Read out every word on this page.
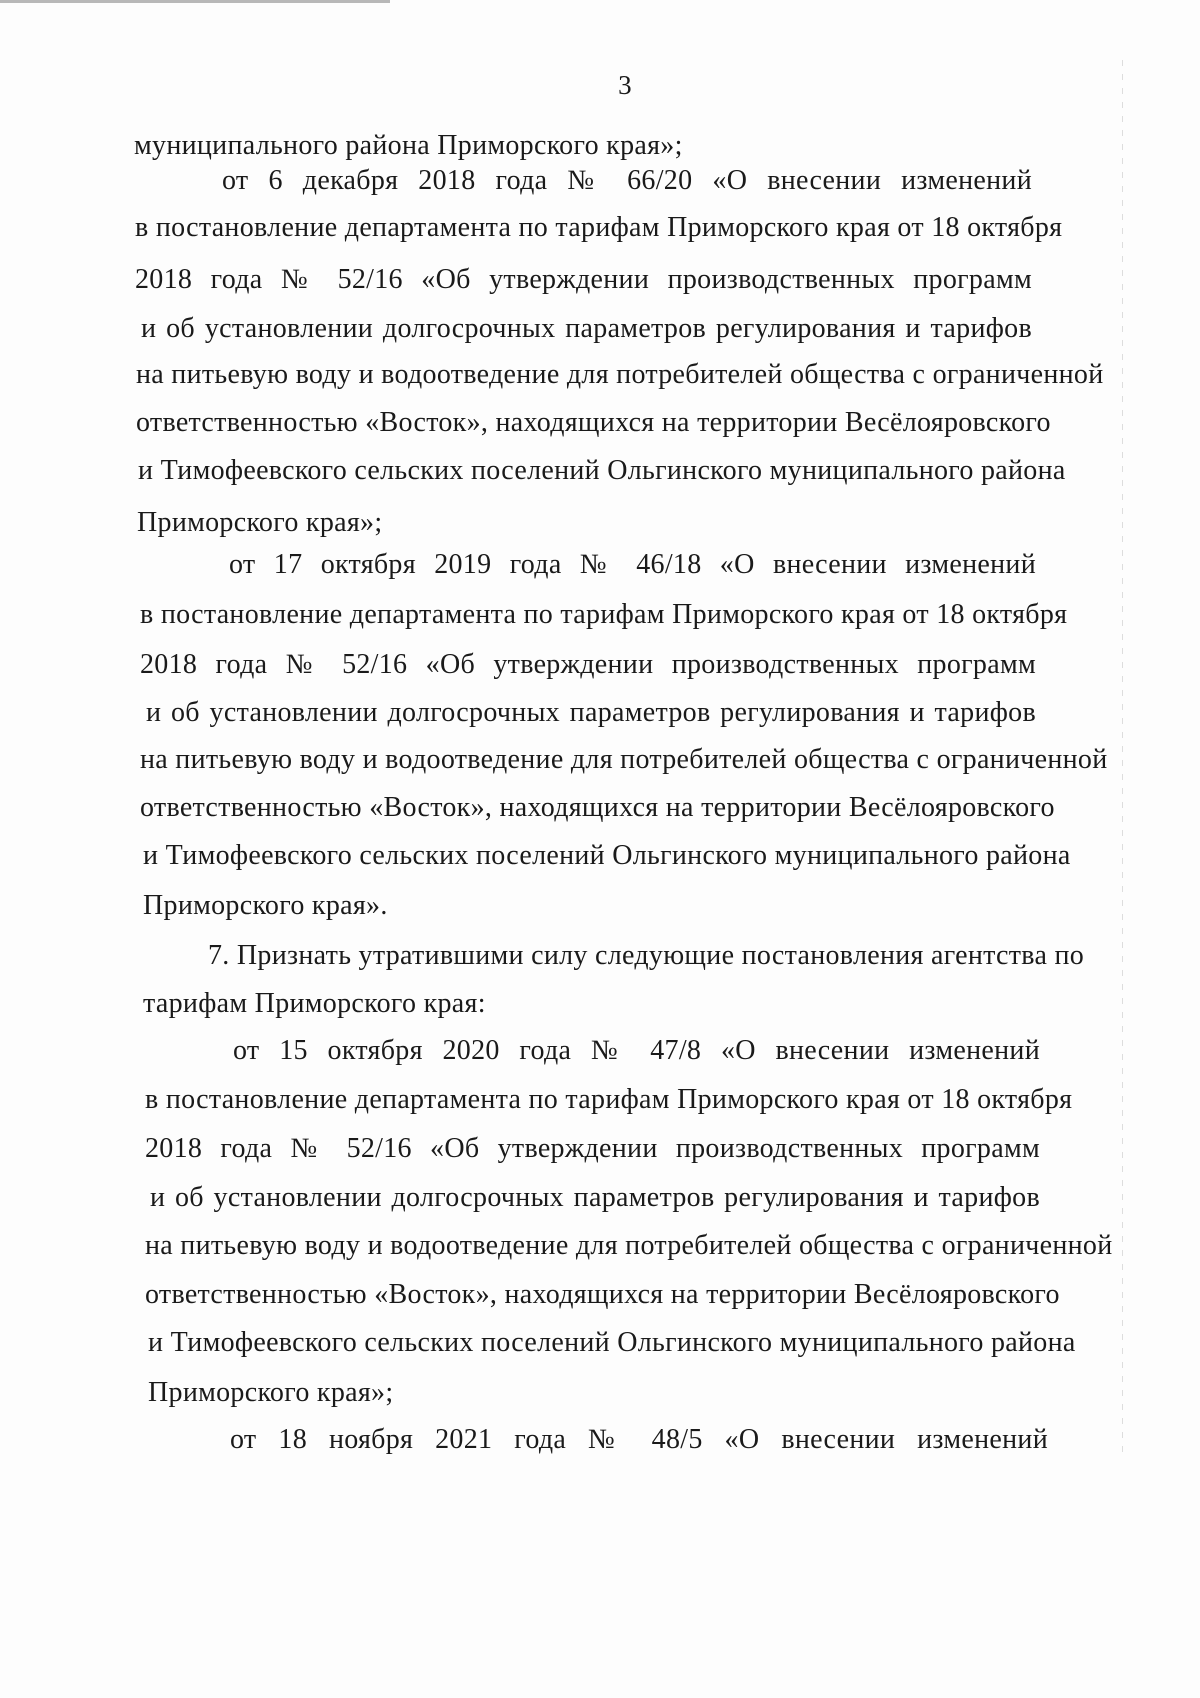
3
муниципального района Приморского края»;
от 6 декабря 2018 года № 66/20 «О внесении изменений
в постановление департамента по тарифам Приморского края от 18 октября
2018 года № 52/16 «Об утверждении производственных программ
и об установлении долгосрочных параметров регулирования и тарифов
на питьевую воду и водоотведение для потребителей общества с ограниченной
ответственностью «Восток», находящихся на территории Весёлояровского
и Тимофеевского сельских поселений Ольгинского муниципального района
Приморского края»;
от 17 октября 2019 года № 46/18 «О внесении изменений
в постановление департамента по тарифам Приморского края от 18 октября
2018 года № 52/16 «Об утверждении производственных программ
и об установлении долгосрочных параметров регулирования и тарифов
на питьевую воду и водоотведение для потребителей общества с ограниченной
ответственностью «Восток», находящихся на территории Весёлояровского
и Тимофеевского сельских поселений Ольгинского муниципального района
Приморского края».
7. Признать утратившими силу следующие постановления агентства по
тарифам Приморского края:
от 15 октября 2020 года № 47/8 «О внесении изменений
в постановление департамента по тарифам Приморского края от 18 октября
2018 года № 52/16 «Об утверждении производственных программ
и об установлении долгосрочных параметров регулирования и тарифов
на питьевую воду и водоотведение для потребителей общества с ограниченной
ответственностью «Восток», находящихся на территории Весёлояровского
и Тимофеевского сельских поселений Ольгинского муниципального района
Приморского края»;
от 18 ноября 2021 года № 48/5 «О внесении изменений
